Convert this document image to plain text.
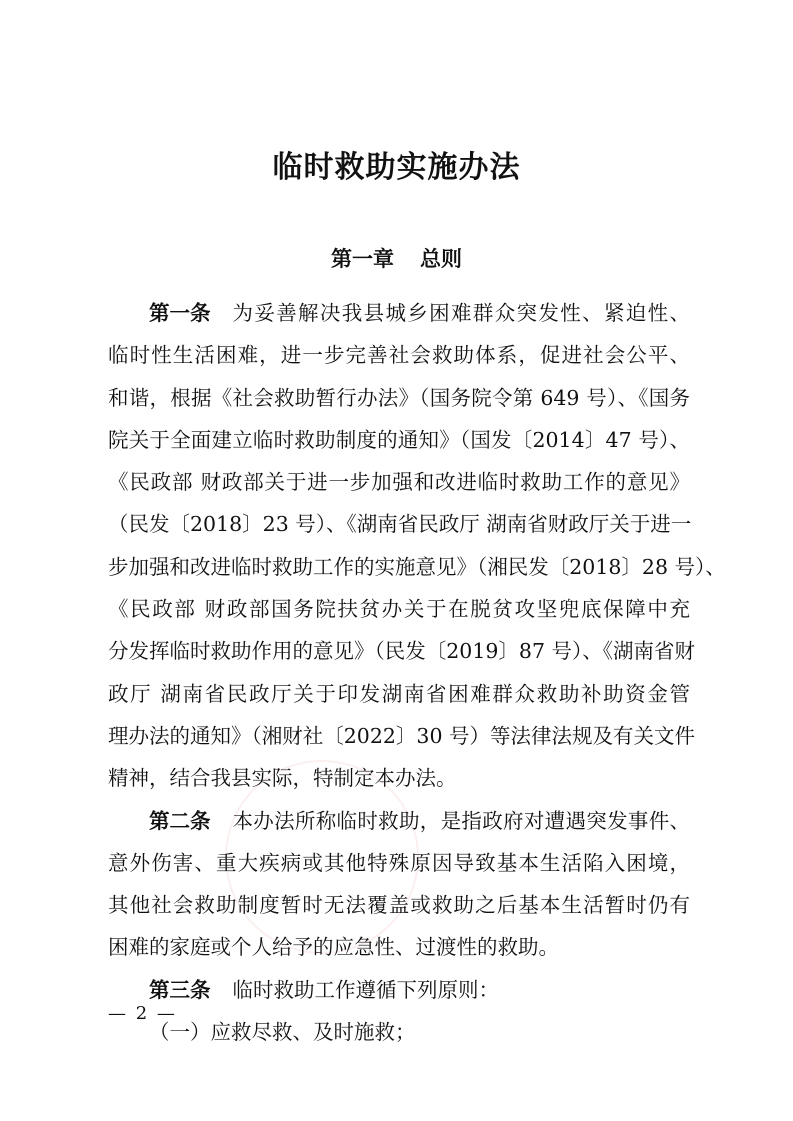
临时救助实施办法
第一章 总则
第一条 为妥善解决我县城乡困难群众突发性、紧迫性、
临时性生活困难，进一步完善社会救助体系，促进社会公平、
和谐，根据《社会救助暂行办法》（国务院令第 649 号）、《国务
院关于全面建立临时救助制度的通知》（国发〔2014〕47 号）、
《民政部 财政部关于进一步加强和改进临时救助工作的意见》
（民发〔2018〕23 号）、《湖南省民政厅 湖南省财政厅关于进一
步加强和改进临时救助工作的实施意见》（湘民发〔2018〕28 号）、
《民政部 财政部国务院扶贫办关于在脱贫攻坚兜底保障中充
分发挥临时救助作用的意见》（民发〔2019〕87 号）、《湖南省财
政厅 湖南省民政厅关于印发湖南省困难群众救助补助资金管
理办法的通知》（湘财社〔2022〕30 号）等法律法规及有关文件
精神，结合我县实际，特制定本办法。
第二条 本办法所称临时救助，是指政府对遭遇突发事件、
意外伤害、重大疾病或其他特殊原因导致基本生活陷入困境，
其他社会救助制度暂时无法覆盖或救助之后基本生活暂时仍有
困难的家庭或个人给予的应急性、过渡性的救助。
第三条 临时救助工作遵循下列原则：
（一）应救尽救、及时施救；
— 2 —
